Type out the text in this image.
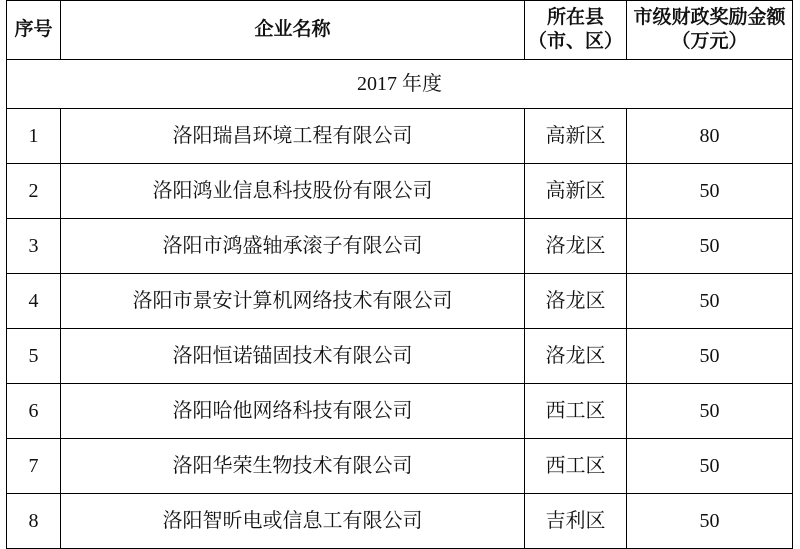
序号	企业名称	所在县（市、区）	市级财政奖励金额 （万元）
2017 年度			
1	洛阳瑞昌环境工程有限公司	高新区	80
2	洛阳鸿业信息科技股份有限公司	高新区	50
3	洛阳市鸿盛轴承滚子有限公司	洛龙区	50
4	洛阳市景安计算机网络技术有限公司	洛龙区	50
5	洛阳恒诺锚固技术有限公司	洛龙区	50
6	洛阳哈他网络科技有限公司	西工区	50
7	洛阳华荣生物技术有限公司	西工区	50
8	洛阳智昕电或信息工有限公司	吉利区	50
